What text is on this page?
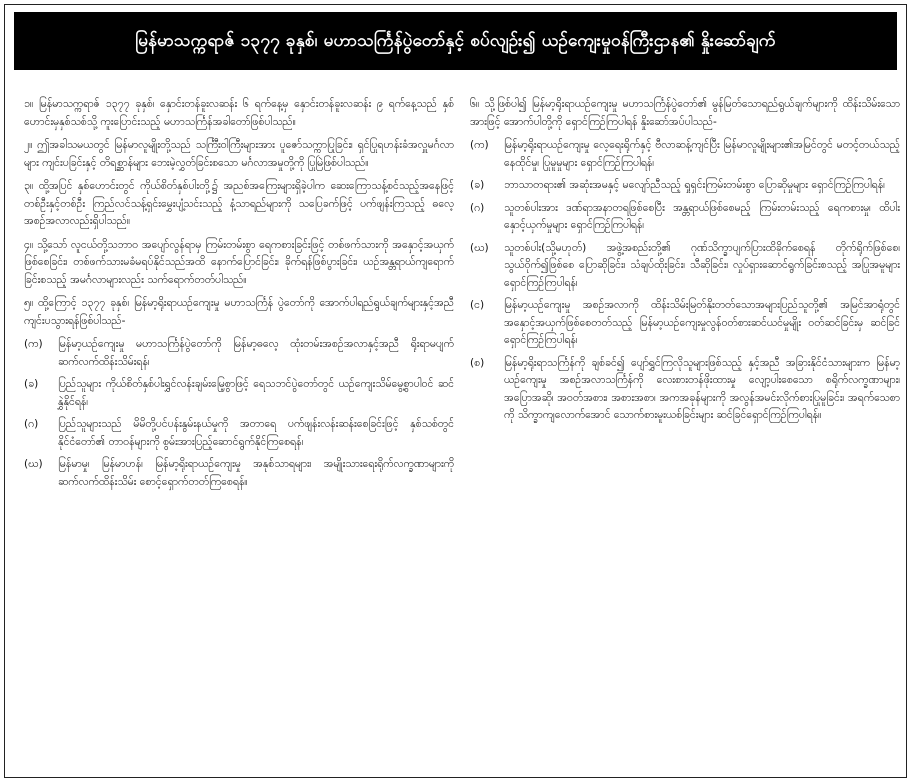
မြန်မာသက္ကရာဇ် ၁၃၇၇ ခုနှစ်၊ မဟာသင်္ကြန်ပွဲတော်နှင့် စပ်လျဉ်း၍ ယဉ်ကျေးမှုဝန်ကြီးဌာန၏ နှိုးဆော်ချက်

၁။ မြန်မာသက္ကရာဇ် ၁၃၇၇ ခုနှစ်၊ နှောင်းတန်ခူးလဆန်း ၆ ရက်နေ့မှ နှောင်းတန်ခူးလဆန်း ၉ ရက်နေ့သည် နှစ်ဟောင်းမှနှစ်သစ်သို့ ကူးပြောင်းသည့် မဟာသင်္ကြန်အခါတော်ဖြစ်ပါသည်။

၂။ ဤအခါသမယတွင် မြန်မာလူမျိုးတို့သည် သင်္ကြီးဝါကြီးများအား ပူဇော်သက္ကာပြုခြင်း၊ ရှင်ပြုရဟန်းခံအလှူမင်္ဂလာများ ကျင်းပခြင်းနှင့် တိရစ္ဆာန်များ ဘေးမဲ့လွှတ်ခြင်းစသော မင်္ဂလာအမှုတို့ကို ပြုမြဲဖြစ်ပါသည်။

၃။ ထို့အပြင် နှစ်ဟောင်းတွင် ကိုယ်စိတ်နှစ်ပါးတို့၌ အညစ်အကြေးများရှိခဲ့ပါက ဆေးကြောသန့်စင်သည့်အနေဖြင့် တစ်ဦးနှင့်တစ်ဦး ကြည်လင်သန့်ရှင်းမွှေးပျံ့သင်းသည့် နံ့သာရည်များကို သပြေခက်ဖြင့် ပက်ဖျန်းကြသည့် ဓလေ့အစဉ်အလာလည်းရှိပါသည်။

၄။ သို့သော် လူငယ်တို့သဘာဝ အပျော်လွန်ရာမှ ကြမ်းတမ်းစွာ ရေကစားခြင်းဖြင့် တစ်ဖက်သားကို အနှောင့်အယှက်ဖြစ်စေခြင်း၊ တစ်ဖက်သားမခံမရပ်နိုင်သည်အထိ နောက်ပြောင်ခြင်း၊ ခိုက်ရန်ဖြစ်ပွားခြင်း၊ ယဉ်အန္တရာယ်ကျရောက်ခြင်းစသည့် အမင်္ဂလာများလည်း သက်ရောက်တတ်ပါသည်။

၅။ ထို့ကြောင့် ၁၃၇၇ ခုနှစ်၊ မြန်မာ့ရိုးရာယဉ်ကျေးမှု မဟာသင်္ကြန် ပွဲတော်ကို အောက်ပါရည်ရွယ်ချက်များနှင့်အညီ ကျင်းပသွားရန်ဖြစ်ပါသည်-

(က)	မြန်မာ့ယဉ်ကျေးမှု မဟာသင်္ကြန်ပွဲတော်ကို မြန်မာ့ဓလေ့ ထုံးတမ်းအစဉ်အလာနှင့်အညီ ရိုးရာမပျက် ဆက်လက်ထိန်းသိမ်းရန်၊
(ခ)	ပြည်သူများ ကိုယ်စိတ်နှစ်ပါးရွှင်လန်းချမ်းမြေ့စွာဖြင့် ရေသဘင်ပွဲတော်တွင် ယဉ်ကျေးသိမ်မွေ့စွာပါဝင် ဆင်နွှဲနိုင်ရန်၊
(ဂ)	ပြည်သူများသည် မိမိတို့ပင်ပန်းနွမ်းနယ်မှုကို အတာရေ ပက်ဖျန်းလန်းဆန်းစေခြင်းဖြင့် နှစ်သစ်တွင် နိုင်ငံတော်၏ တာဝန်များကို စွမ်းအားပြည့်ဆောင်ရွက်နိုင်ကြစေရန်၊
(ဃ)	မြန်မာမှု၊ မြန်မာဟန်၊ မြန်မာ့ရိုးရာယဉ်ကျေးမှု အနုစ်သာရများ၊ အမျိုးသားရေးရိုက်လက္ခဏာများကို ဆက်လက်ထိန်းသိမ်း စောင့်ရှောက်တတ်ကြစေရန်။

၆။ သို့ဖြစ်ပါ၍ မြန်မာ့ရိုးရာယဉ်ကျေးမှု မဟာသင်္ကြန်ပွဲတော်၏ မွန်မြတ်သောရည်ရွယ်ချက်များကို ထိန်းသိမ်းသောအားဖြင့် အောက်ပါတို့ကို ရှောင်ကြဉ်ကြပါရန် နှိုးဆော်အပ်ပါသည်-

(က)	မြန်မာ့ရိုးရာယဉ်ကျေးမှု လေ့ရေးရိုက်နှင့် ဗီလာဆန့်ကျင်ပြီး မြန်မာလူမျိုးများ၏အမြင်တွင် မတင့်တယ်သည့်နေထိုင်မှု၊ ပြုမူမှုများ ရှောင်ကြဉ်ကြပါရန်၊
(ခ)	ဘာသာတရား၏ အဆုံးအမနှင့် မလျော်ညီသည့် ရှုရှင်းကြမ်းတမ်းစွာ ပြောဆိုမှုများ ရှောင်ကြဉ်ကြပါရန်၊
(ဂ)	သူတစ်ပါးအား ဒဏ်ရာအနာတရဖြစ်စေပြီး အန္တရာယ်ဖြစ်စေမည့် ကြမ်းတမ်းသည့် ရေကစားမှု၊ ထိပါးနှောင့်ယှက်မှုများ ရှောင်ကြဉ်ကြပါရန်၊
(ဃ)	သူတစ်ပါး(သို့မဟုတ်) အဖွဲ့အစည်းတို့၏ ဂုဏ်သိက္ခာပျက်ပြားထိခိုက်စေရန် တိုက်ရိုက်ဖြစ်စေ၊ သွယ်ဝိုက်၍ဖြစ်စေ ပြောဆိုခြင်း၊ သံချပ်ထိုးခြင်း၊ သီဆိုခြင်း၊ လှုပ်ရှားဆောင်ရွက်ခြင်းစသည့် အပြုအမူများ ရှောင်ကြဉ်ကြပါရန်၊
(င)	မြန်မာ့ယဉ်ကျေးမှု အစဉ်အလာကို ထိန်းသိမ်းမြတ်နိုးတတ်သောအများပြည်သူတို့၏ အမြင်အာရုံတွင် အနှောင့်အယှက်ဖြစ်စေတတ်သည့် မြန်မာ့ယဉ်ကျေးမှုလွန်ဝတ်စားဆင်ယင်မှုမျိုး ဝတ်ဆင်ခြင်းမှ ဆင်ခြင်ရှောင်ကြဉ်ကြပါရန်၊
(စ)	မြန်မာ့ရိုးရာသင်္ကြန်ကို ချစ်ခင်၍ ပျော်ရွှင်ကြလိုသူများဖြစ်သည့် နှင့်အညီ အခြားနိုင်ငံသားများက မြန်မာ့ယဉ်ကျေးမှု အစဉ်အလာသင်္ကြန်ကို လေးစားတန်ဖိုးထားမှု လျော့ပါးစေသော စရိုက်လက္ခဏာများ၊ အပြောအဆို၊ အဝတ်အစား၊ အစားအစာ၊ အကအခုန်များကို အလွန်အမင်းလိုက်စားပြုမူခြင်း၊ အရက်သေစာကို သိက္ခာကျလောက်အောင် သောက်စားမူးယစ်ခြင်းများ ဆင်ခြင်ရှောင်ကြဉ်ကြပါရန်။
